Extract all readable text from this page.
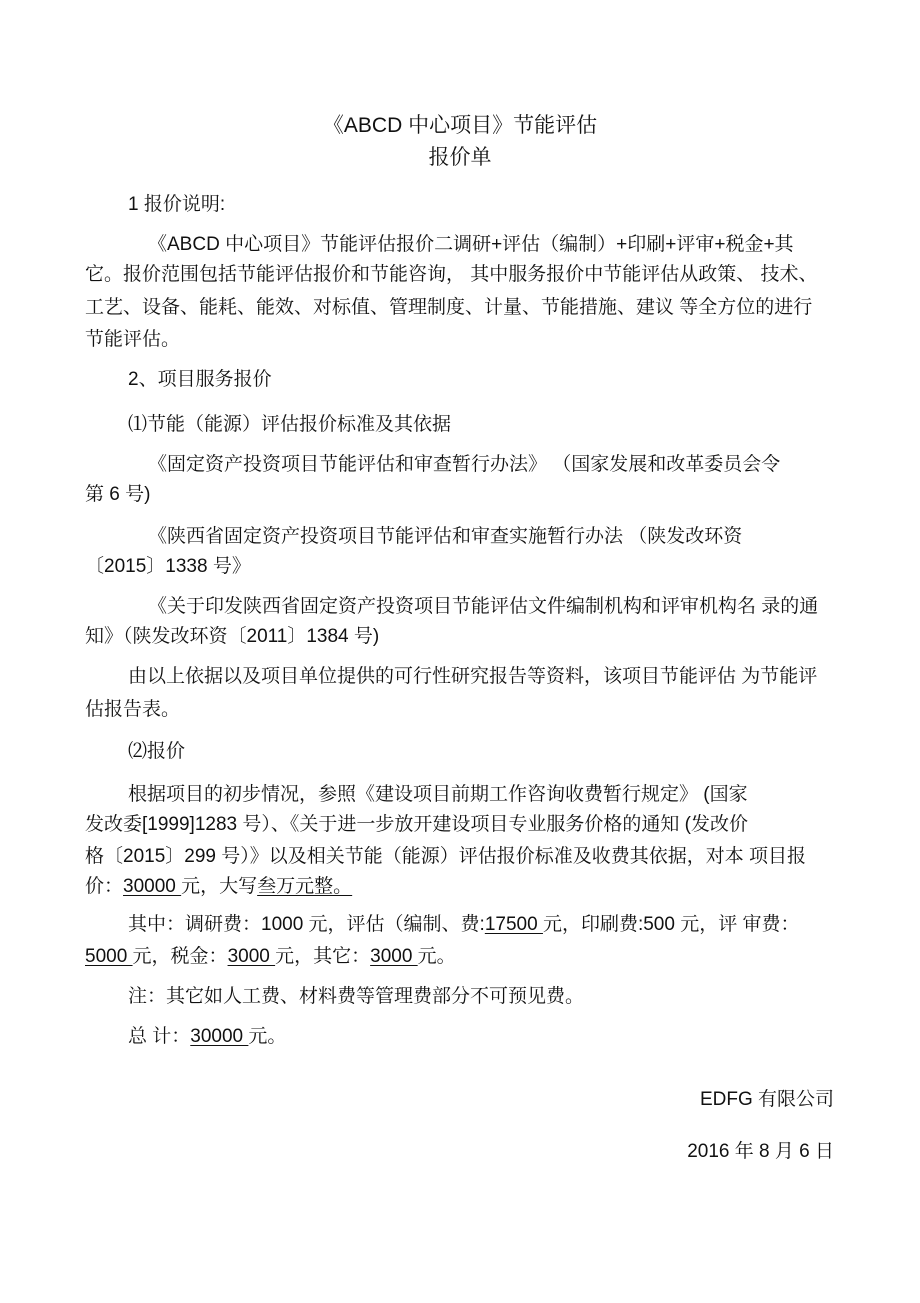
《ABCD 中心项目》节能评估
报价单
1 报价说明:
《ABCD 中心项目》节能评估报价二调研+评估（编制）+印刷+评审+税金+其
它。报价范围包括节能评估报价和节能咨询， 其中服务报价中节能评估从政策、 技术、
工艺、设备、能耗、能效、对标值、管理制度、计量、节能措施、建议 等全方位的进行
节能评估。
2、项目服务报价
⑴节能（能源）评估报价标准及其依据
《固定资产投资项目节能评估和审查暂行办法》 （国家发展和改革委员会令
第 6 号)
《陕西省固定资产投资项目节能评估和审查实施暂行办法 （陕发改环资
〔2015〕1338 号》
《关于印发陕西省固定资产投资项目节能评估文件编制机构和评审机构名 录的通
知》（陕发改环资〔2011〕1384 号)
由以上依据以及项目单位提供的可行性研究报告等资料，该项目节能评估 为节能评
估报告表。
⑵报价
根据项目的初步情况，参照《建设项目前期工作咨询收费暂行规定》 (国家
发改委[1999]1283 号）、《关于进一步放开建设项目专业服务价格的通知 (发改价
格〔2015〕299 号）》以及相关节能（能源）评估报价标准及收费其依据，对本 项目报
价：30000 元，大写叁万元整。
其中：调研费：1000 元，评估（编制、费:17500 元，印刷费:500 元，评 审费：
5000 元，税金：3000 元，其它：3000 元。
注：其它如人工费、材料费等管理费部分不可预见费。
总 计：30000 元。
EDFG 有限公司
2016 年 8 月 6 日
